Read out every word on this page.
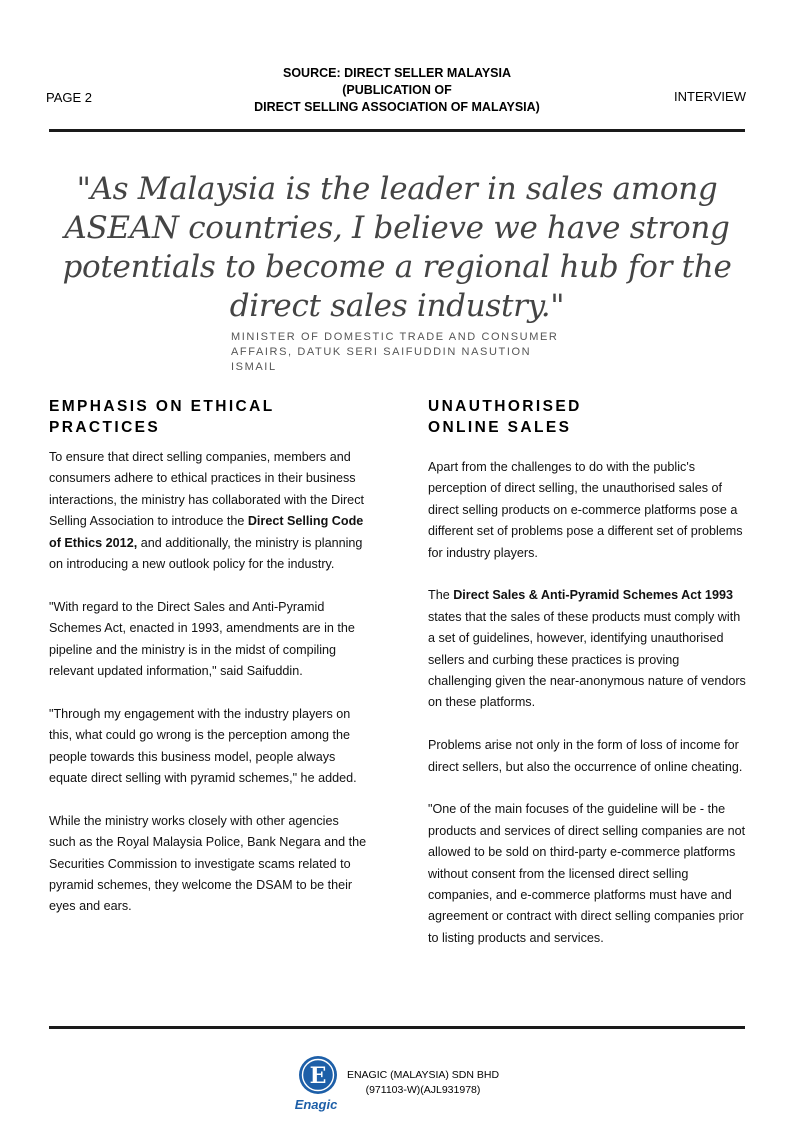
PAGE 2
SOURCE: DIRECT SELLER MALAYSIA
(PUBLICATION OF
DIRECT SELLING ASSOCIATION OF MALAYSIA)
INTERVIEW
"As Malaysia is the leader in sales among ASEAN countries, I believe we have strong potentials to become a regional hub for the direct sales industry."
MINISTER OF DOMESTIC TRADE AND CONSUMER AFFAIRS, DATUK SERI SAIFUDDIN NASUTION ISMAIL
EMPHASIS ON ETHICAL
PRACTICES

To ensure that direct selling companies, members and consumers adhere to ethical practices in their business interactions, the ministry has collaborated with the Direct Selling Association to introduce the Direct Selling Code of Ethics 2012, and additionally, the ministry is planning on introducing a new outlook policy for the industry.

"With regard to the Direct Sales and Anti-Pyramid Schemes Act, enacted in 1993, amendments are in the pipeline and the ministry is in the midst of compiling relevant updated information," said Saifuddin.

"Through my engagement with the industry players on this, what could go wrong is the perception among the people towards this business model, people always equate direct selling with pyramid schemes," he added.

While the ministry works closely with other agencies such as the Royal Malaysia Police, Bank Negara and the Securities Commission to investigate scams related to pyramid schemes, they welcome the DSAM to be their eyes and ears.

UNAUTHORISED
ONLINE SALES

Apart from the challenges to do with the public's perception of direct selling, the unauthorised sales of direct selling products on e-commerce platforms pose a different set of problems pose a different set of problems for industry players.

The Direct Sales & Anti-Pyramid Schemes Act 1993 states that the sales of these products must comply with a set of guidelines, however, identifying unauthorised sellers and curbing these practices is proving challenging given the near-anonymous nature of vendors on these platforms.

Problems arise not only in the form of loss of income for direct sellers, but also the occurrence of online cheating.

"One of the main focuses of the guideline will be - the products and services of direct selling companies are not allowed to be sold on third-party e-commerce platforms without consent from the licensed direct selling companies, and e-commerce platforms must have and agreement or contract with direct selling companies prior to listing products and services.

E
Enagic
ENAGIC (MALAYSIA) SDN BHD
(971103-W)(AJL931978)
